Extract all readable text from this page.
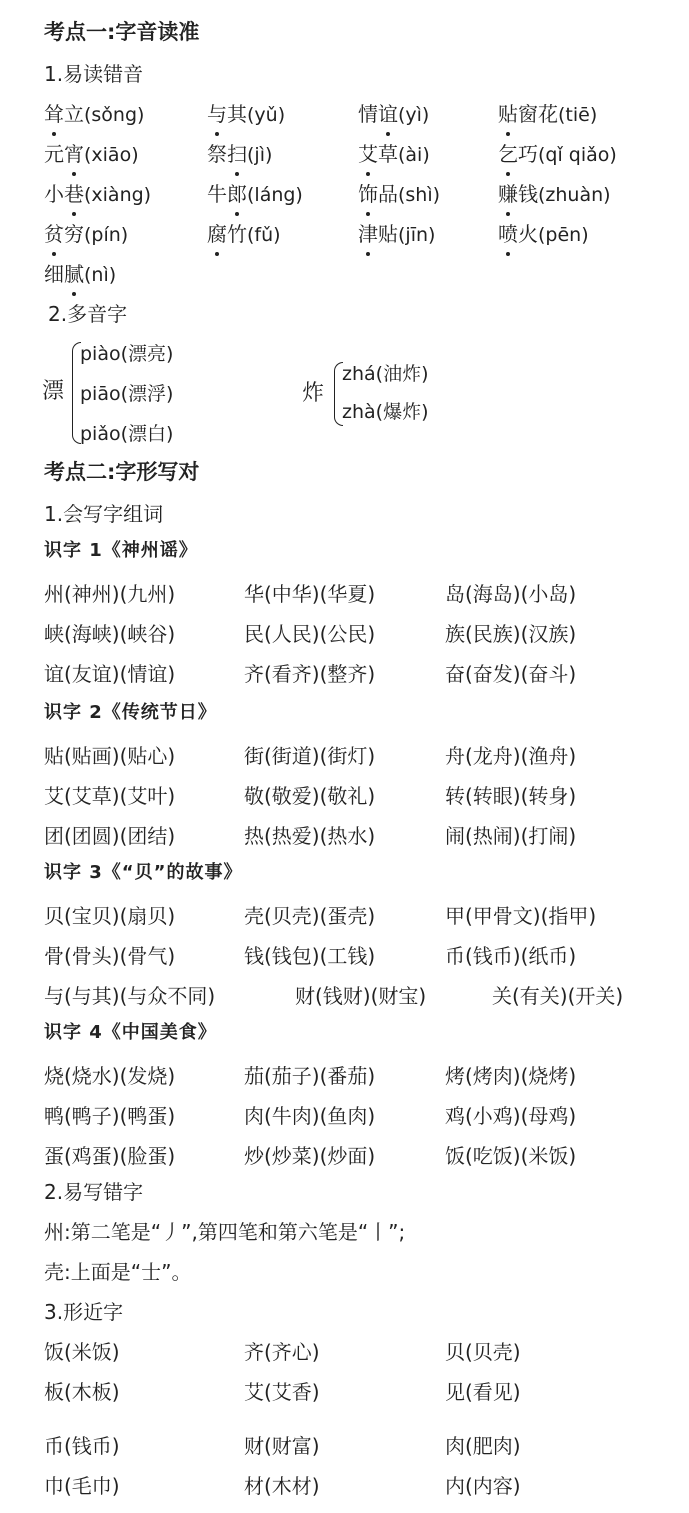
考点一:字音读准
1.易读错音
耸立(sǒng)	与其(yǔ)	情谊(yì)	贴窗花(tiē)
元宵(xiāo)	祭扫(jì)	艾草(ài)	乞巧(qǐ qiǎo)
小巷(xiàng)	牛郎(láng)	饰品(shì)	赚钱(zhuàn)
贫穷(pín)	腐竹(fǔ)	津贴(jīn)	喷火(pēn)
细腻(nì)
2.多音字
漂
piào(漂亮)
piāo(漂浮)
piǎo(漂白)
炸
zhá(油炸)
zhà(爆炸)
考点二:字形写对
1.会写字组词
识字 1《神州谣》
州(神州)(九州)	华(中华)(华夏)	岛(海岛)(小岛)
峡(海峡)(峡谷)	民(人民)(公民)	族(民族)(汉族)
谊(友谊)(情谊)	齐(看齐)(整齐)	奋(奋发)(奋斗)
识字 2《传统节日》
贴(贴画)(贴心)	街(街道)(街灯)	舟(龙舟)(渔舟)
艾(艾草)(艾叶)	敬(敬爱)(敬礼)	转(转眼)(转身)
团(团圆)(团结)	热(热爱)(热水)	闹(热闹)(打闹)
识字 3《“贝”的故事》
贝(宝贝)(扇贝)	壳(贝壳)(蛋壳)	甲(甲骨文)(指甲)
骨(骨头)(骨气)	钱(钱包)(工钱)	币(钱币)(纸币)
与(与其)(与众不同)	财(钱财)(财宝)	关(有关)(开关)
识字 4《中国美食》
烧(烧水)(发烧)	茄(茄子)(番茄)	烤(烤肉)(烧烤)
鸭(鸭子)(鸭蛋)	肉(牛肉)(鱼肉)	鸡(小鸡)(母鸡)
蛋(鸡蛋)(脸蛋)	炒(炒菜)(炒面)	饭(吃饭)(米饭)
2.易写错字
州:第二笔是“丿”,第四笔和第六笔是“丨”;
壳:上面是“士”。
3.形近字
饭(米饭)	齐(齐心)	贝(贝壳)
板(木板)	艾(艾香)	见(看见)
币(钱币)	财(财富)	肉(肥肉)
巾(毛巾)	材(木材)	内(内容)
